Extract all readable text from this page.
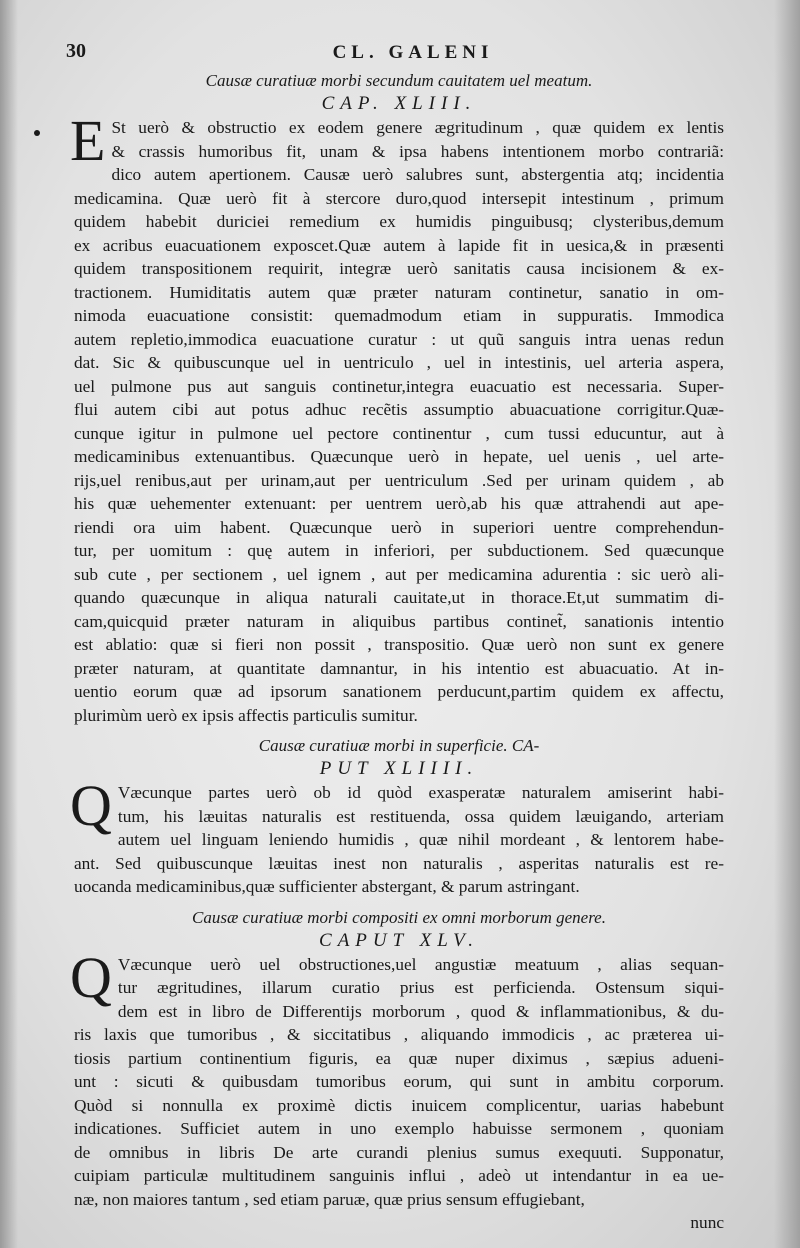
30	CL. GALENI

Causæ curatiuæ morbi secundum cauitatem uel meatum.

CAP. XLIII.

E St uerò & obstructio ex eodem genere ægritudinum , quæ quidem ex lentis
& crassis humoribus fit, unam & ipsa habens intentionem morbo contrariã:
dico autem apertionem. Causæ uerò salubres sunt, abstergentia atq; incidentia
medicamina. Quæ uerò fit à stercore duro,quod intersepit intestinum , primum
quidem habebit duriciei remedium ex humidis pinguibusq; clysteribus,demum
ex acribus euacuationem exposcet.Quæ autem à lapide fit in uesica,& in præsenti
quidem transpositionem requirit, integræ uerò sanitatis causa incisionem & ex-
tractionem. Humiditatis autem quæ præter naturam continetur, sanatio in om-
nimoda euacuatione consistit: quemadmodum etiam in suppuratis. Immodica
autem repletio,immodica euacuatione curatur : ut quũ sanguis intra uenas redun
dat. Sic & quibuscunque uel in uentriculo , uel in intestinis, uel arteria aspera,
uel pulmone pus aut sanguis continetur,integra euacuatio est necessaria. Super-
flui autem cibi aut potus adhuc recẽtis assumptio abuacuatione corrigitur.Quæ-
cunque igitur in pulmone uel pectore continentur , cum tussi educuntur, aut à
medicaminibus extenuantibus. Quæcunque uerò in hepate, uel uenis , uel arte-
rijs,uel renibus,aut per urinam,aut per uentriculum .Sed per urinam quidem , ab
his quæ uehementer extenuant: per uentrem uerò,ab his quæ attrahendi aut ape-
riendi ora uim habent. Quæcunque uerò in superiori uentre comprehendun-
tur, per uomitum : quę autem in inferiori, per subductionem. Sed quæcunque
sub cute , per sectionem , uel ignem , aut per medicamina adurentia : sic uerò ali-
quando quæcunque in aliqua naturali cauitate,ut in thorace.Et,ut summatim di-
cam,quicquid præter naturam in aliquibus partibus continet̃, sanationis intentio
est ablatio: quæ si fieri non possit , transpositio. Quæ uerò non sunt ex genere
præter naturam, at quantitate damnantur, in his intentio est abuacuatio. At in-
uentio eorum quæ ad ipsorum sanationem perducunt,partim quidem ex affectu,
plurimùm uerò ex ipsis affectis particulis sumitur.

Causæ curatiuæ morbi in superficie. CA-

PUT XLIIII.

Q Væcunque partes uerò ob id quòd exasperatæ naturalem amiserint habi-
tum, his læuitas naturalis est restituenda, ossa quidem læuigando, arteriam
autem uel linguam leniendo humidis , quæ nihil mordeant , & lentorem habe-
ant. Sed quibuscunque læuitas inest non naturalis , asperitas naturalis est re-
uocanda medicaminibus,quæ sufficienter abstergant, & parum astringant.

Causæ curatiuæ morbi compositi ex omni morborum genere.

CAPUT XLV.

Q Væcunque uerò uel obstructiones,uel angustiæ meatuum , alias sequan-
tur ægritudines, illarum curatio prius est perficienda. Ostensum siqui-
dem est in libro de Differentijs morborum , quod & inflammationibus, & du-
ris laxis que tumoribus , & siccitatibus , aliquando immodicis , ac præterea ui-
tiosis partium continentium figuris, ea quæ nuper diximus , sæpius adueni-
unt : sicuti & quibusdam tumoribus eorum, qui sunt in ambitu corporum.
Quòd si nonnulla ex proximè dictis inuicem complicentur, uarias habebunt
indicationes. Sufficiet autem in uno exemplo habuisse sermonem , quoniam
de omnibus in libris De arte curandi plenius sumus exequuti. Supponatur,
cuipiam particulæ multitudinem sanguinis influi , adeò ut intendantur in ea ue-
næ, non maiores tantum , sed etiam paruæ, quæ prius sensum effugiebant,
nunc
